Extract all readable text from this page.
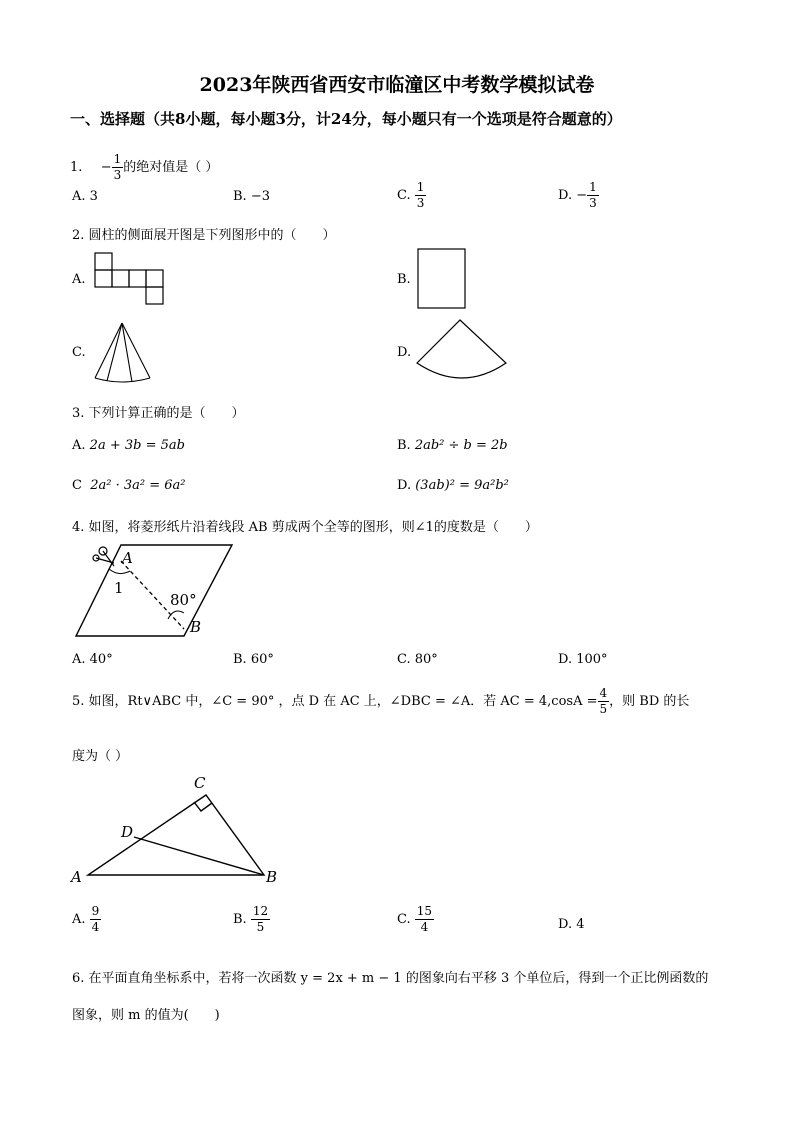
2023年陕西省西安市临潼区中考数学模拟试卷
一、选择题（共8小题，每小题3分，计24分，每小题只有一个选项是符合题意的）
1. − $\frac{1}{3}$ 的绝对值是（ ）
A. 3	B. −3	C. $\frac{1}{3}$	D. − $\frac{1}{3}$
2. 圆柱的侧面展开图是下列图形中的（　　）
A.	B.
C.	D.
3. 下列计算正确的是（　　）
A. 2a + 3b = 5ab	B. 2ab² ÷ b = 2b
C 2a² · 3a² = 6a²	D. (3ab)² = 9a²b²
4. 如图，将菱形纸片沿着线段 AB 剪成两个全等的图形，则∠1的度数是（　　）
A
1
80°
B
A. 40°	B. 60°	C. 80°	D. 100°
5. 如图，Rt∨ABC 中，∠C = 90° ，点 D 在 AC 上，∠DBC = ∠A．若 AC = $4,\cos A = \frac{4}{5}$ ，则 BD 的长
度为（ ）
C
D
A	B
A. $\frac{9}{4}$	B. $\frac{12}{5}$	C. $\frac{15}{4}$	D. 4
6. 在平面直角坐标系中，若将一次函数 y = 2x + m − 1 的图象向右平移 3 个单位后，得到一个正比例函数的
图象，则 m 的值为(　　)
